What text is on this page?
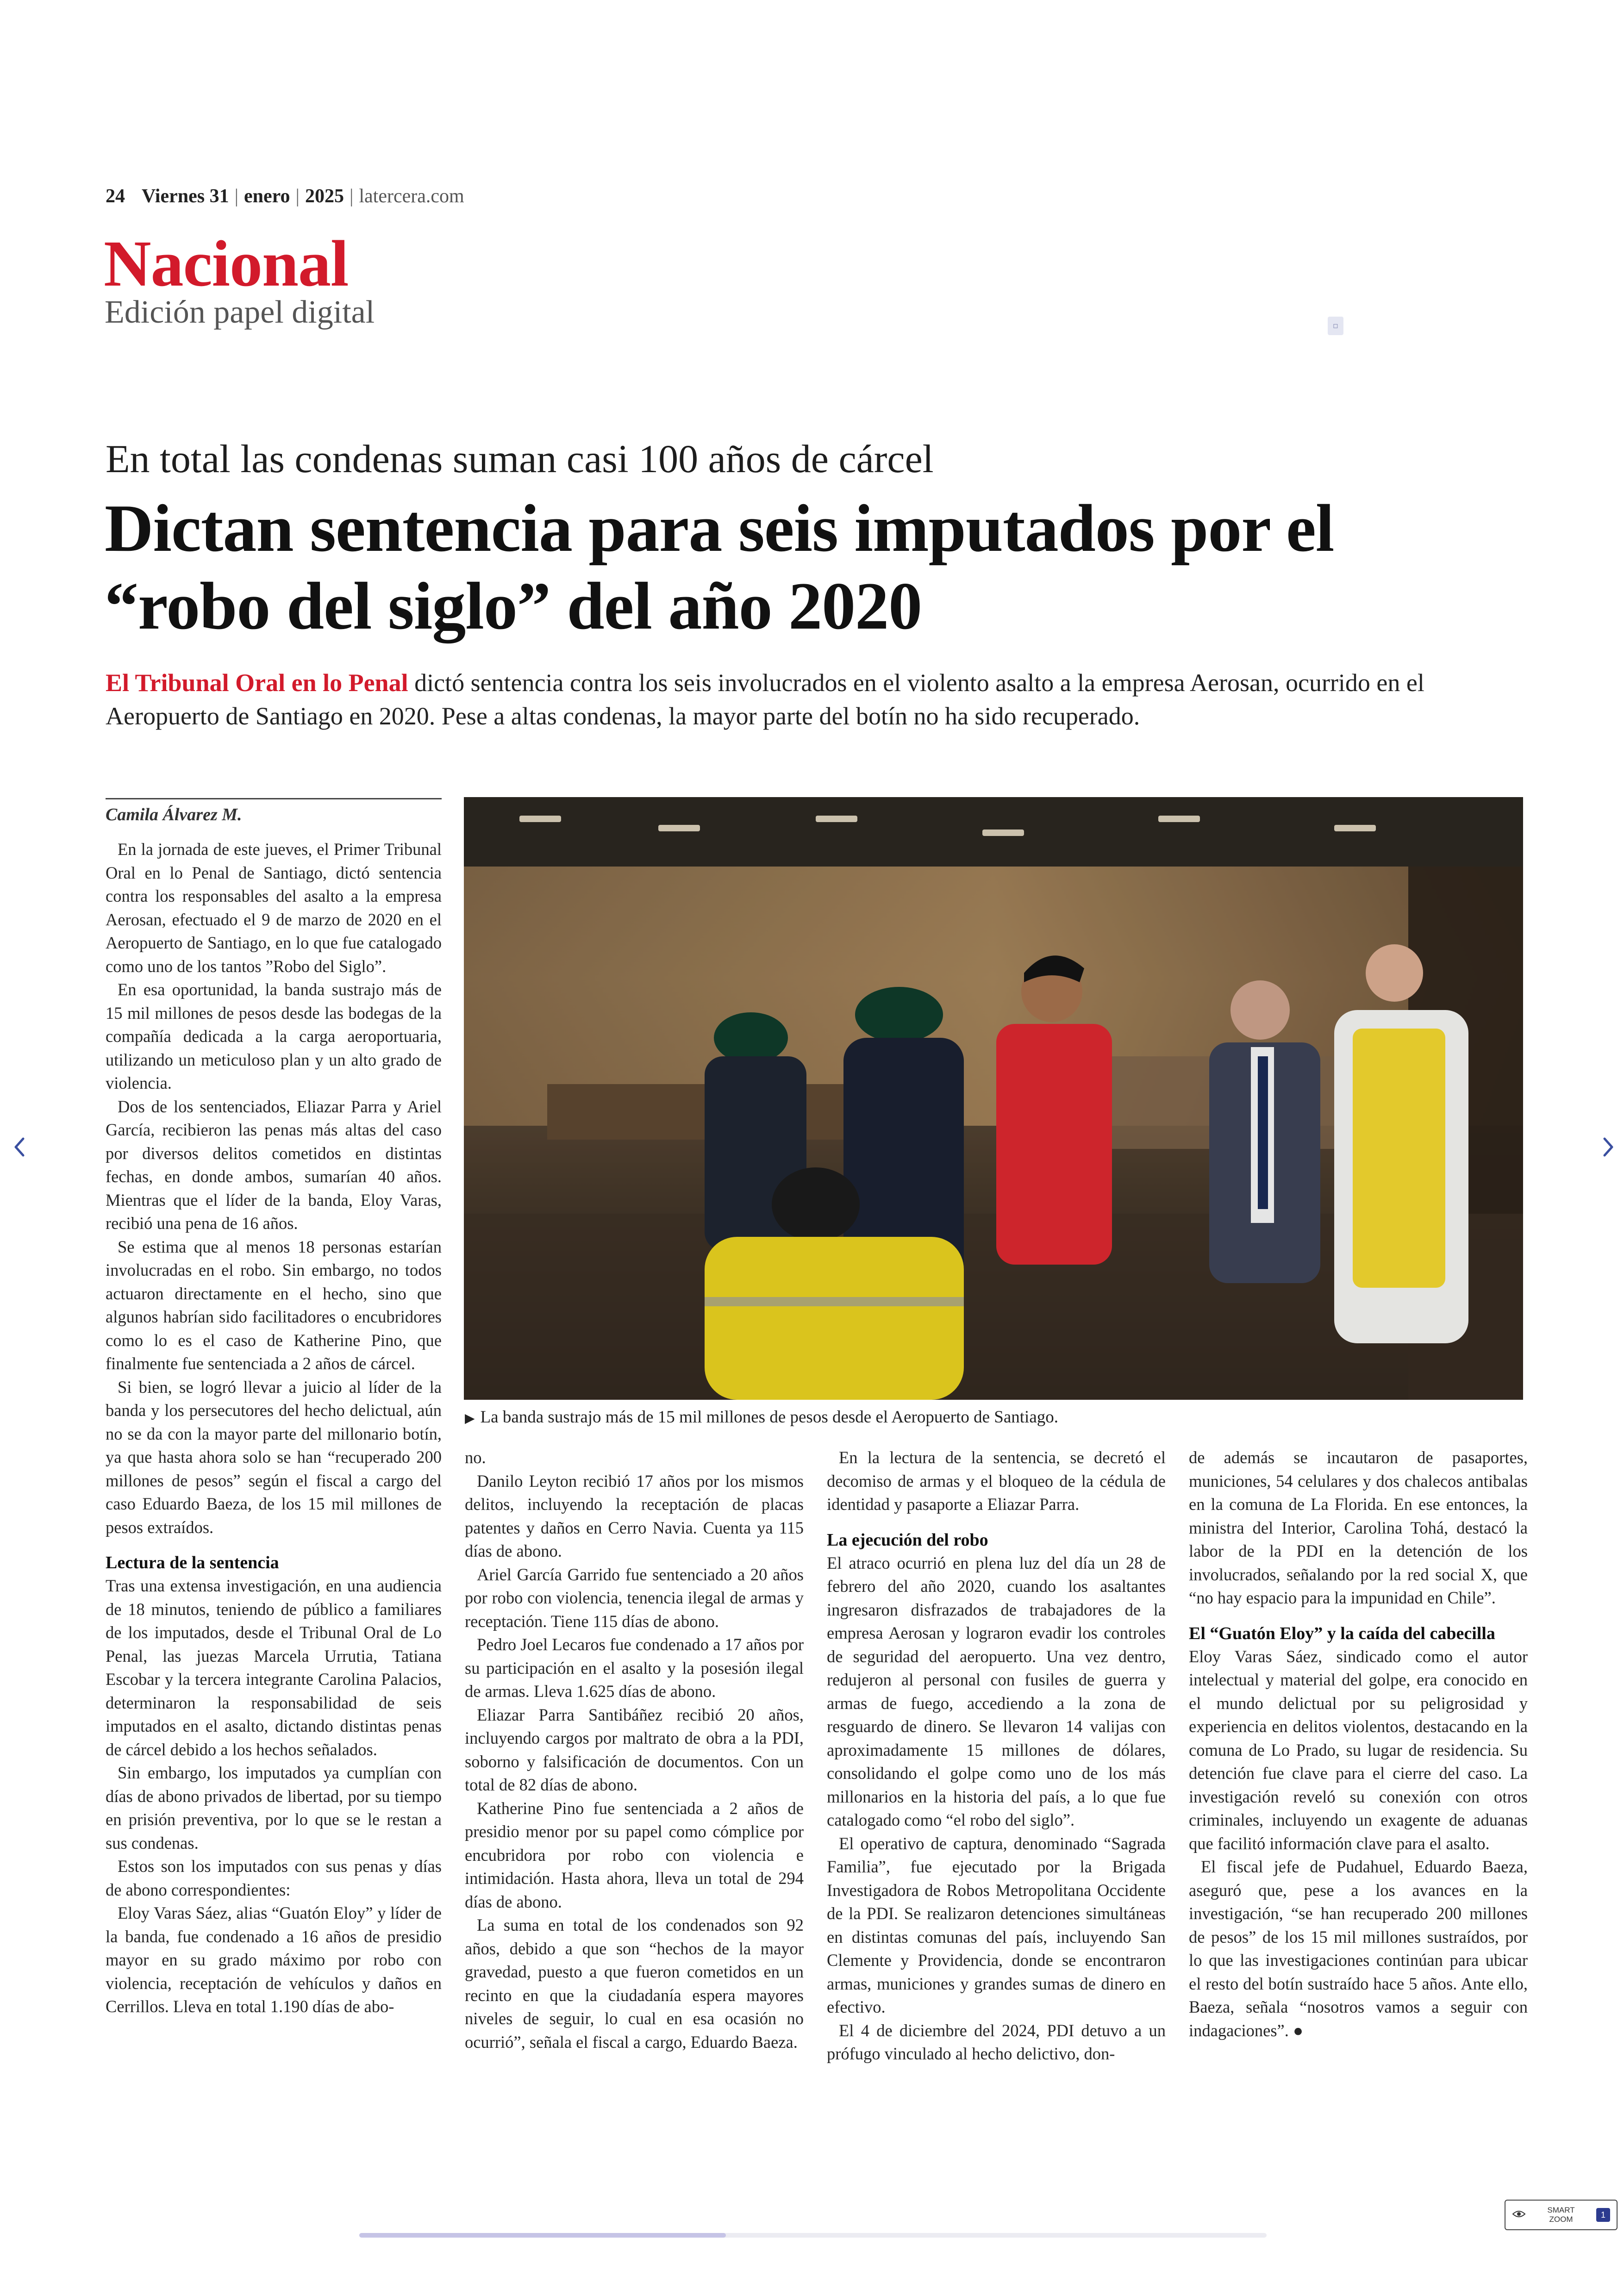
24 Viernes 31 | enero | 2025 | latercera.com
Nacional
Edición papel digital	▫
En total las condenas suman casi 100 años de cárcel
Dictan sentencia para seis imputados por el “robo del siglo” del año 2020

El Tribunal Oral en lo Penal dictó sentencia contra los seis involucrados en el violento asalto a la empresa Aerosan, ocurrido en el Aeropuerto de Santiago en 2020. Pese a altas condenas, la mayor parte del botín no ha sido recuperado.

Camila Álvarez M.

En la jornada de este jueves, el Primer Tribunal Oral en lo Penal de Santiago, dictó sentencia contra los responsables del asalto a la empresa Aerosan, efectuado el 9 de marzo de 2020 en el Aeropuerto de Santiago, en lo que fue catalogado como uno de los tantos ”Robo del Siglo”.

En esa oportunidad, la banda sustrajo más de 15 mil millones de pesos desde las bodegas de la compañía dedicada a la carga aeroportuaria, utilizando un meticuloso plan y un alto grado de violencia.

Dos de los sentenciados, Eliazar Parra y Ariel García, recibieron las penas más altas del caso por diversos delitos cometidos en distintas fechas, en donde ambos, sumarían 40 años. Mientras que el líder de la banda, Eloy Varas, recibió una pena de 16 años.

Se estima que al menos 18 personas estarían involucradas en el robo. Sin embargo, no todos actuaron directamente en el hecho, sino que algunos habrían sido facilitadores o encubridores como lo es el caso de Katherine Pino, que finalmente fue sentenciada a 2 años de cárcel.

Si bien, se logró llevar a juicio al líder de la banda y los persecutores del hecho delictual, aún no se da con la mayor parte del millonario botín, ya que hasta ahora solo se han “recuperado 200 millones de pesos” según el fiscal a cargo del caso Eduardo Baeza, de los 15 mil millones de pesos extraídos.

Lectura de la sentencia

Tras una extensa investigación, en una audiencia de 18 minutos, teniendo de público a familiares de los imputados, desde el Tribunal Oral de Lo Penal, las juezas Marcela Urrutia, Tatiana Escobar y la tercera integrante Carolina Palacios, determinaron la responsabilidad de seis imputados en el asalto, dictando distintas penas de cárcel debido a los hechos señalados.

Sin embargo, los imputados ya cumplían con días de abono privados de libertad, por su tiempo en prisión preventiva, por lo que se le restan a sus condenas.

Estos son los imputados con sus penas y días de abono correspondientes:

Eloy Varas Sáez, alias “Guatón Eloy” y líder de la banda, fue condenado a 16 años de presidio mayor en su grado máximo por robo con violencia, receptación de vehículos y daños en Cerrillos. Lleva en total 1.190 días de abo-

▶ La banda sustrajo más de 15 mil millones de pesos desde el Aeropuerto de Santiago.

no.

Danilo Leyton recibió 17 años por los mismos delitos, incluyendo la receptación de placas patentes y daños en Cerro Navia. Cuenta ya 115 días de abono.

Ariel García Garrido fue sentenciado a 20 años por robo con violencia, tenencia ilegal de armas y receptación. Tiene 115 días de abono.

Pedro Joel Lecaros fue condenado a 17 años por su participación en el asalto y la posesión ilegal de armas. Lleva 1.625 días de abono.

Eliazar Parra Santibáñez recibió 20 años, incluyendo cargos por maltrato de obra a la PDI, soborno y falsificación de documentos. Con un total de 82 días de abono.

Katherine Pino fue sentenciada a 2 años de presidio menor por su papel como cómplice por encubridora por robo con violencia e intimidación. Hasta ahora, lleva un total de 294 días de abono.

La suma en total de los condenados son 92 años, debido a que son “hechos de la mayor gravedad, puesto a que fueron cometidos en un recinto en que la ciudadanía espera mayores niveles de seguir, lo cual en esa ocasión no ocurrió”, señala el fiscal a cargo, Eduardo Baeza.

En la lectura de la sentencia, se decretó el decomiso de armas y el bloqueo de la cédula de identidad y pasaporte a Eliazar Parra.

La ejecución del robo

El atraco ocurrió en plena luz del día un 28 de febrero del año 2020, cuando los asaltantes ingresaron disfrazados de trabajadores de la empresa Aerosan y lograron evadir los controles de seguridad del aeropuerto. Una vez dentro, redujeron al personal con fusiles de guerra y armas de fuego, accediendo a la zona de resguardo de dinero. Se llevaron 14 valijas con aproximadamente 15 millones de dólares, consolidando el golpe como uno de los más millonarios en la historia del país, a lo que fue catalogado como “el robo del siglo”.

El operativo de captura, denominado “Sagrada Familia”, fue ejecutado por la Brigada Investigadora de Robos Metropolitana Occidente de la PDI. Se realizaron detenciones simultáneas en distintas comunas del país, incluyendo San Clemente y Providencia, donde se encontraron armas, municiones y grandes sumas de dinero en efectivo.

El 4 de diciembre del 2024, PDI detuvo a un prófugo vinculado al hecho delictivo, don-

de además se incautaron de pasaportes, municiones, 54 celulares y dos chalecos antibalas en la comuna de La Florida. En ese entonces, la ministra del Interior, Carolina Tohá, destacó la labor de la PDI en la detención de los involucrados, señalando por la red social X, que “no hay espacio para la impunidad en Chile”.

El “Guatón Eloy” y la caída del cabecilla

Eloy Varas Sáez, sindicado como el autor intelectual y material del golpe, era conocido en el mundo delictual por su peligrosidad y experiencia en delitos violentos, destacando en la comuna de Lo Prado, su lugar de residencia. Su detención fue clave para el cierre del caso. La investigación reveló su conexión con otros criminales, incluyendo un exagente de aduanas que facilitó información clave para el asalto.

El fiscal jefe de Pudahuel, Eduardo Baeza, aseguró que, pese a los avances en la investigación, “se han recuperado 200 millones de pesos” de los 15 mil millones sustraídos, por lo que las investigaciones continúan para ubicar el resto del botín sustraído hace 5 años. Ante ello, Baeza, señala “nosotros vamos a seguir con indagaciones”. ●

SMART
ZOOM	1
